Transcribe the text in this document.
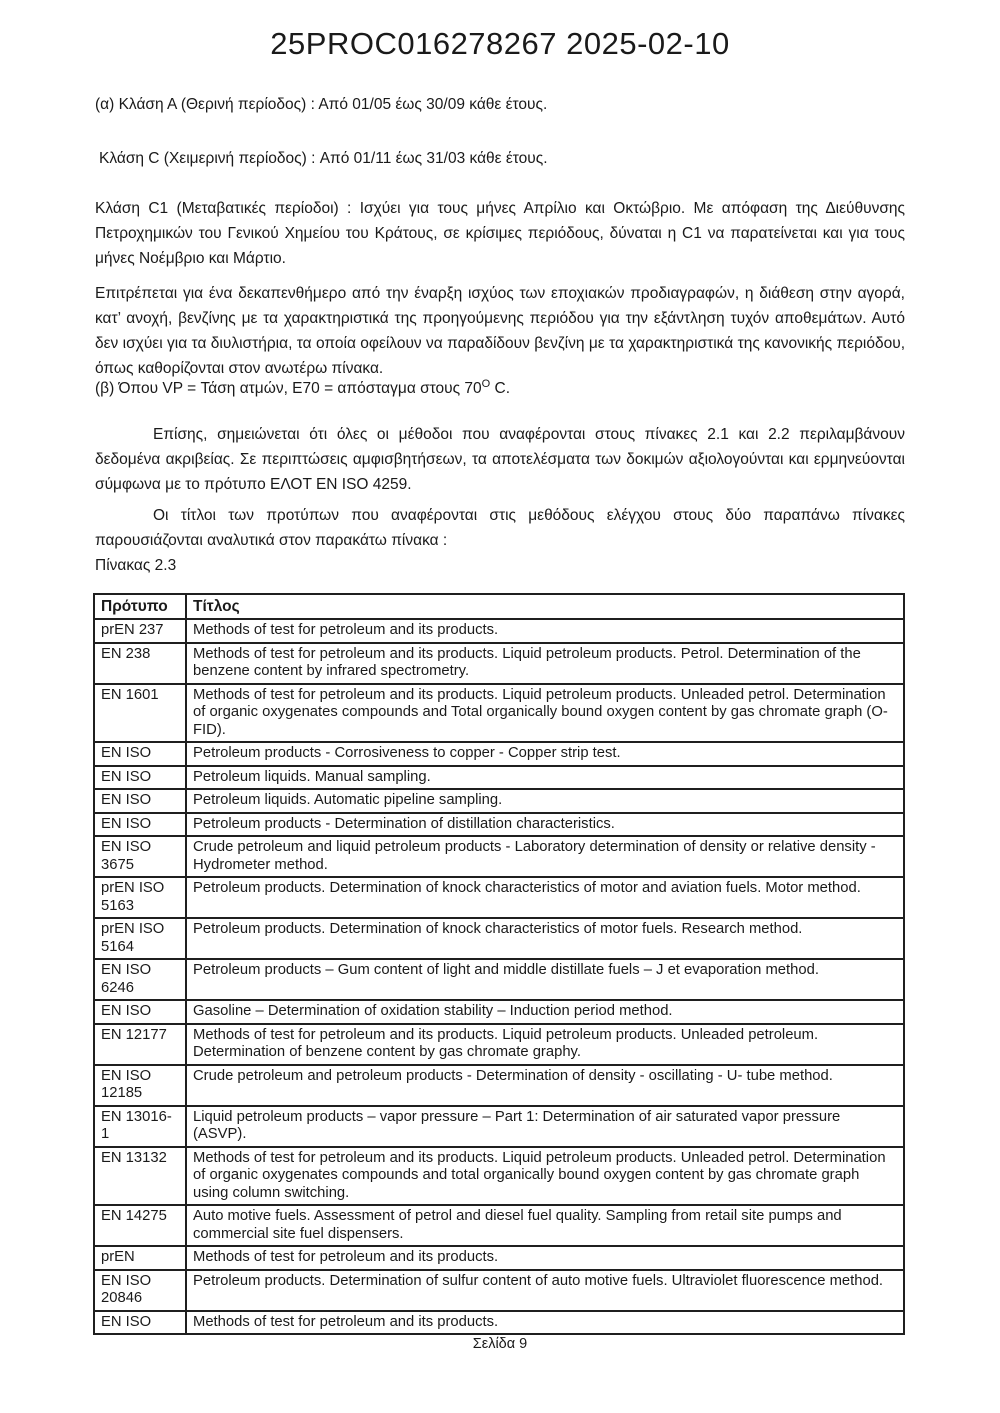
25PROC016278267 2025-02-10
(α) Κλάση Α (Θερινή περίοδος) : Από 01/05 έως 30/09 κάθε έτους.
Κλάση C (Χειμερινή περίοδος) : Από 01/11 έως 31/03 κάθε έτους.
Κλάση C1 (Μεταβατικές περίοδοι) : Ισχύει για τους μήνες Απρίλιο και Οκτώβριο. Με απόφαση της Διεύθυνσης Πετροχημικών του Γενικού Χημείου του Κράτους, σε κρίσιμες περιόδους, δύναται η C1 να παρατείνεται και για τους μήνες Νοέμβριο και Μάρτιο.
Επιτρέπεται για ένα δεκαπενθήμερο από την έναρξη ισχύος των εποχιακών προδιαγραφών, η διάθεση στην αγορά, κατ’ ανοχή, βενζίνης με τα χαρακτηριστικά της προηγούμενης περιόδου για την εξάντληση τυχόν αποθεμάτων. Αυτό δεν ισχύει για τα διυλιστήρια, τα οποία οφείλουν να παραδίδουν βενζίνη με τα χαρακτηριστικά της κανονικής περιόδου, όπως καθορίζονται στον ανωτέρω πίνακα.
(β) Όπου VP = Τάση ατμών, E70 = απόσταγμα στους $70^O$ C.
Επίσης, σημειώνεται ότι όλες οι μέθοδοι που αναφέρονται στους πίνακες 2.1 και 2.2 περιλαμβάνουν δεδομένα ακριβείας. Σε περιπτώσεις αμφισβητήσεων, τα αποτελέσματα των δοκιμών αξιολογούνται και ερμηνεύονται σύμφωνα με το πρότυπο ΕΛΟΤ EN ISO 4259.
Οι τίτλοι των προτύπων που αναφέρονται στις μεθόδους ελέγχου στους δύο παραπάνω πίνακες παρουσιάζονται αναλυτικά στον παρακάτω πίνακα :
Πίνακας 2.3
Πρότυπο	Τίτλος
prEN 237	Methods of test for petroleum and its products.
EN 238	Methods of test for petroleum and its products. Liquid petroleum products. Petrol. Determination of the benzene content by infrared spectrometry.
EN 1601	Methods of test for petroleum and its products. Liquid petroleum products. Unleaded petrol. Determination of organic oxygenates compounds and Total organically bound oxygen content by gas chromate graph (O-FID).
EN ISO	Petroleum products - Corrosiveness to copper - Copper strip test.
EN ISO	Petroleum liquids. Manual sampling.
EN ISO	Petroleum liquids. Automatic pipeline sampling.
EN ISO	Petroleum products - Determination of distillation characteristics.
EN ISO 3675	Crude petroleum and liquid petroleum products - Laboratory determination of density or relative density - Hydrometer method.
prEN ISO 5163	Petroleum products. Determination of knock characteristics of motor and aviation fuels. Motor method.
prEN ISO 5164	Petroleum products. Determination of knock characteristics of motor fuels. Research method.
EN ISO 6246	Petroleum products – Gum content of light and middle distillate fuels – J et evaporation method.
EN ISO	Gasoline – Determination of oxidation stability – Induction period method.
EN 12177	Methods of test for petroleum and its products. Liquid petroleum products. Unleaded petroleum. Determination of benzene content by gas chromate graphy.
EN ISO 12185	Crude petroleum and petroleum products - Determination of density - oscillating - U- tube method.
EN 13016-1	Liquid petroleum products – vapor pressure – Part 1: Determination of air saturated vapor pressure (ASVP).
EN 13132	Methods of test for petroleum and its products. Liquid petroleum products. Unleaded petrol. Determination of organic oxygenates compounds and total organically bound oxygen content by gas chromate graph using column switching.
EN 14275	Auto motive fuels. Assessment of petrol and diesel fuel quality. Sampling from retail site pumps and commercial site fuel dispensers.
prEN	Methods of test for petroleum and its products.
EN ISO 20846	Petroleum products. Determination of sulfur content of auto motive fuels. Ultraviolet fluorescence method.
EN ISO	Methods of test for petroleum and its products.
Σελίδα 9
